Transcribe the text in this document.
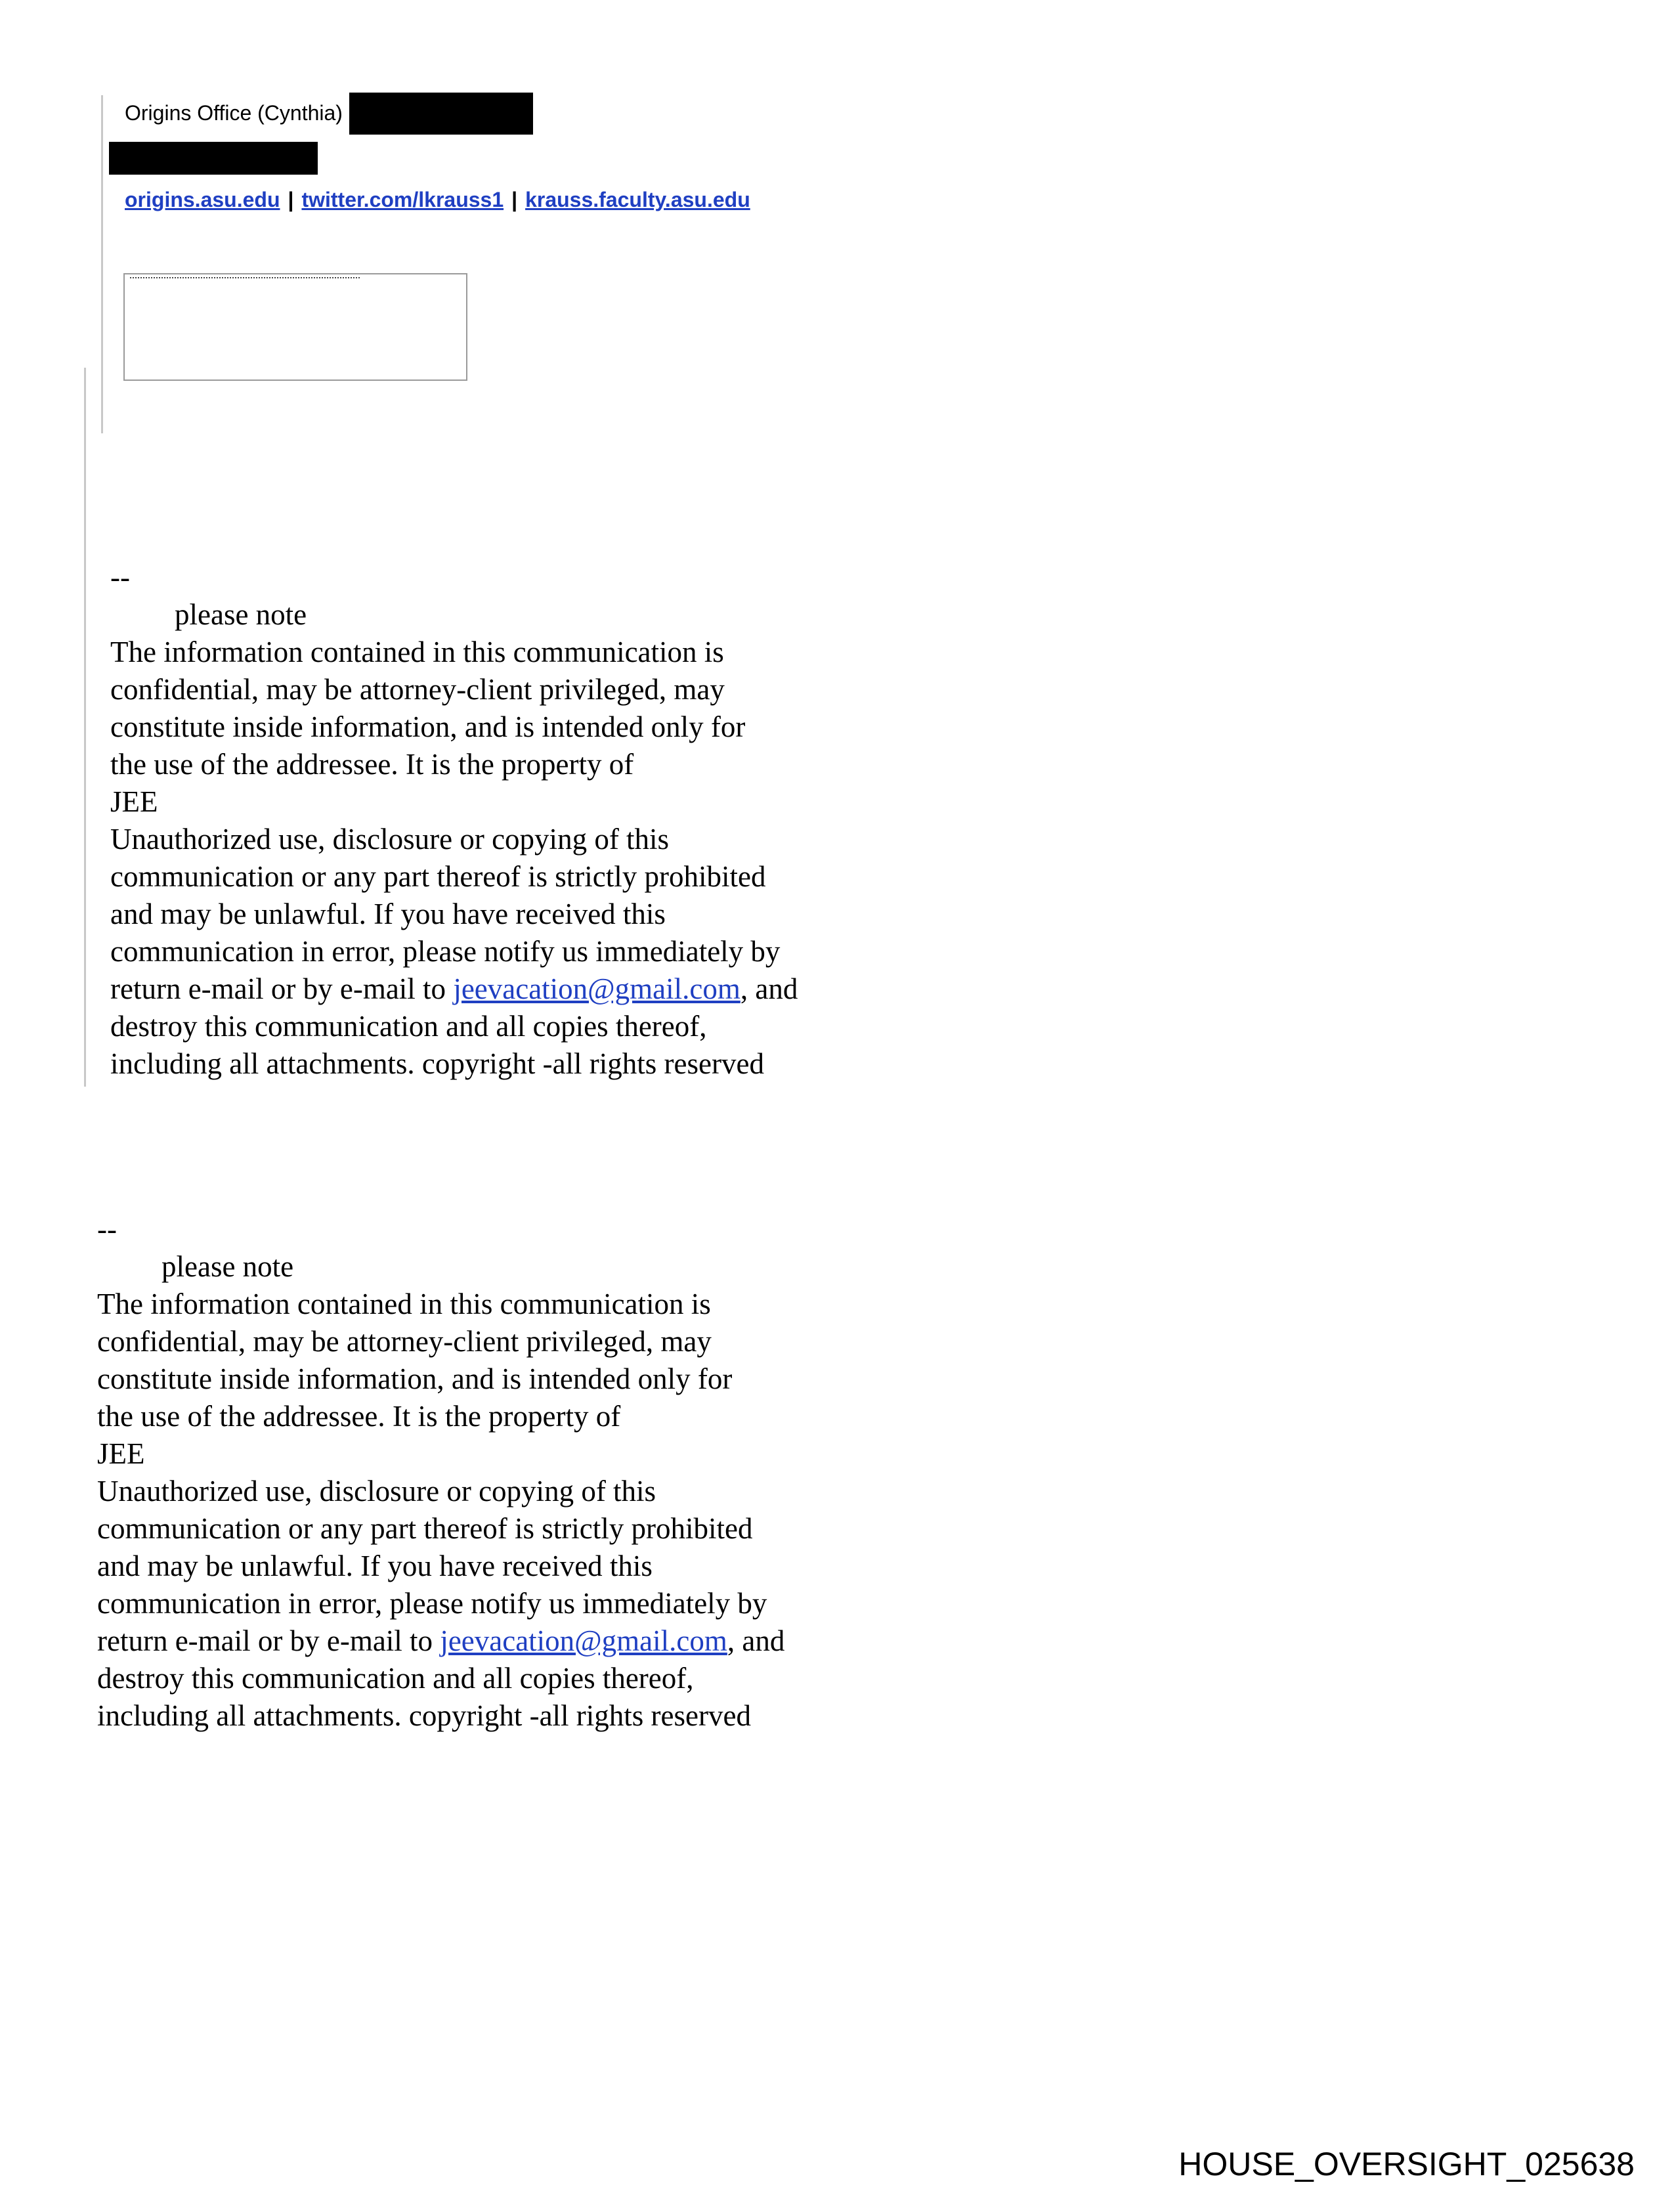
Origins Office (Cynthia)
origins.asu.edu | twitter.com/lkrauss1 | krauss.faculty.asu.edu
--
please note
The information contained in this communication is
confidential, may be attorney-client privileged, may
constitute inside information, and is intended only for
the use of the addressee. It is the property of
JEE
Unauthorized use, disclosure or copying of this
communication or any part thereof is strictly prohibited
and may be unlawful. If you have received this
communication in error, please notify us immediately by
return e-mail or by e-mail to jeevacation@gmail.com, and
destroy this communication and all copies thereof,
including all attachments. copyright -all rights reserved
--
please note
The information contained in this communication is
confidential, may be attorney-client privileged, may
constitute inside information, and is intended only for
the use of the addressee. It is the property of
JEE
Unauthorized use, disclosure or copying of this
communication or any part thereof is strictly prohibited
and may be unlawful. If you have received this
communication in error, please notify us immediately by
return e-mail or by e-mail to jeevacation@gmail.com, and
destroy this communication and all copies thereof,
including all attachments. copyright -all rights reserved
HOUSE_OVERSIGHT_025638
